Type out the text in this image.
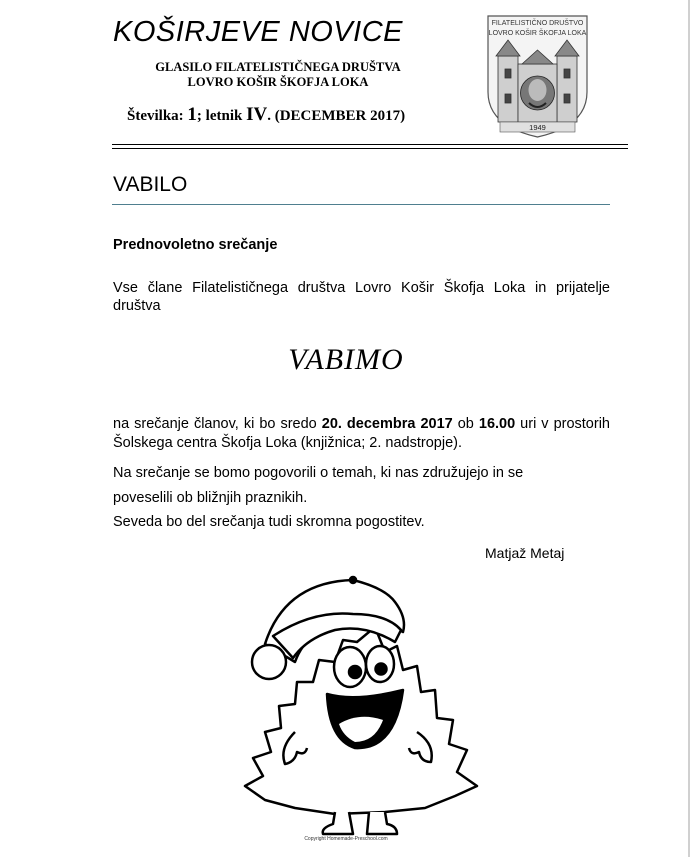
KOŠIRJEVE NOVICE
GLASILO FILATELISTIČNEGA DRUŠTVA
LOVRO KOŠIR ŠKOFJA LOKA
Številka: 1; letnik IV. (DECEMBER 2017)
FILATELISTIČNO DRUŠTVO
LOVRO KOŠIR ŠKOFJA LOKA
1949
VABILO
Prednovoletno srečanje
Vse člane Filatelističnega društva Lovro Košir Škofja Loka in prijatelje društva
VABIMO
na srečanje članov, ki bo sredo 20. decembra 2017 ob 16.00 uri v prostorih Šolskega centra Škofja Loka (knjižnica; 2. nadstropje).
Na srečanje se bomo pogovorili o temah, ki nas združujejo in se
poveselili ob bližnjih praznikih.
Seveda bo del srečanja tudi skromna pogostitev.
Matjaž Metaj
Copyright Homemade-Preschool.com
